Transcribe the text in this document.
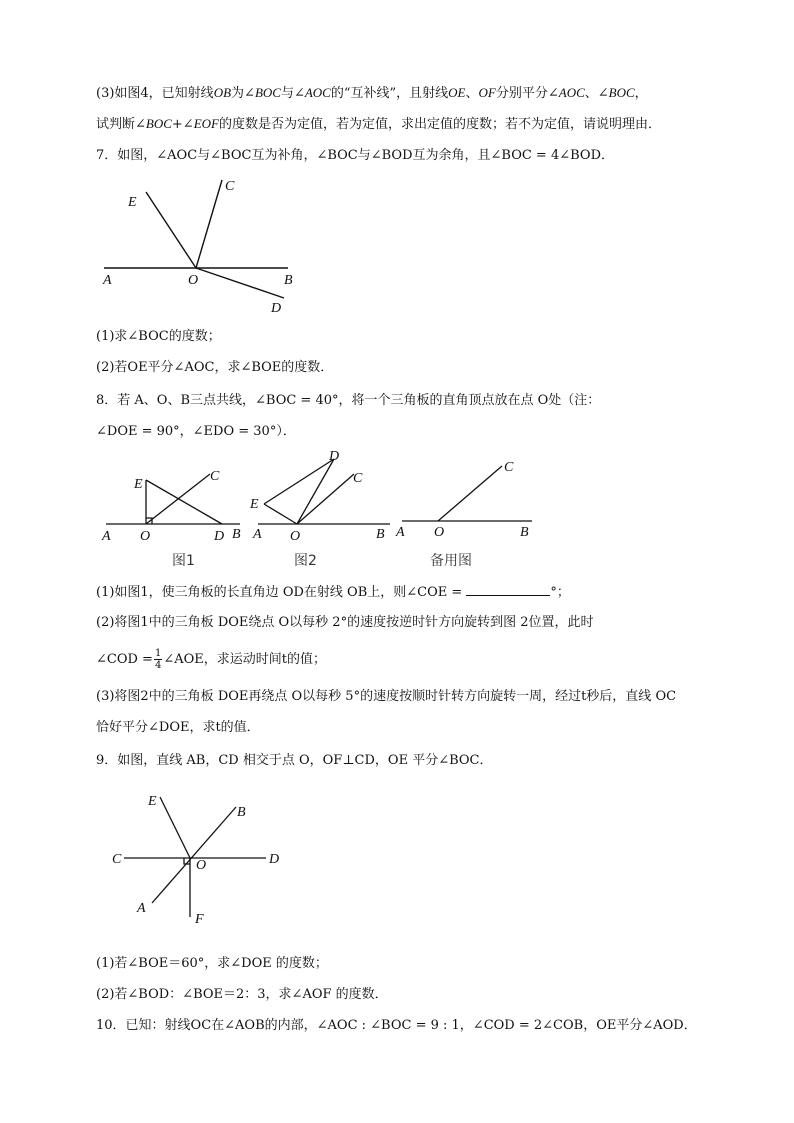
(3)如图4，已知射线OB为∠BOC与∠AOC的“互补线”，且射线OE、OF分别平分∠AOC、∠BOC，
试判断∠BOC+∠EOF的度数是否为定值，若为定值，求出定值的度数；若不为定值，请说明理由．
7．如图，∠AOC与∠BOC互为补角，∠BOC与∠BOD互为余角，且∠BOC = 4∠BOD．
E
C
A	O	B
D
(1)求∠BOC的度数；
(2)若OE平分∠AOC，求∠BOE的度数．
8．若 A、O、B三点共线，∠BOC = 40°，将一个三角板的直角顶点放在点 O处（注：
∠DOE = 90°，∠EDO = 30°）．
E
C
A O	D B
E
D
C
A O	B
C
A O	B
图1	图2	备用图
(1)如图1，使三角板的长直角边 OD在射线 OB上，则∠COE =	°；
(2)将图1中的三角板 DOE绕点 O以每秒 2°的速度按逆时针方向旋转到图 2位置，此时
∠COD = $\frac{1}{4}$ ∠AOE，求运动时间t的值；
(3)将图2中的三角板 DOE再绕点 O以每秒 5°的速度按顺时针转方向旋转一周，经过t秒后，直线 OC
恰好平分∠DOE，求t的值．
9．如图，直线 AB，CD 相交于点 O，OF⊥CD，OE 平分∠BOC．
E
B
C	O	D
A
F
(1)若∠BOE＝60°，求∠DOE 的度数；
(2)若∠BOD：∠BOE＝2：3，求∠AOF 的度数．
10．已知：射线OC在∠AOB的内部，∠AOC : ∠BOC = 9 : 1，∠COD = 2∠COB，OE平分∠AOD．
